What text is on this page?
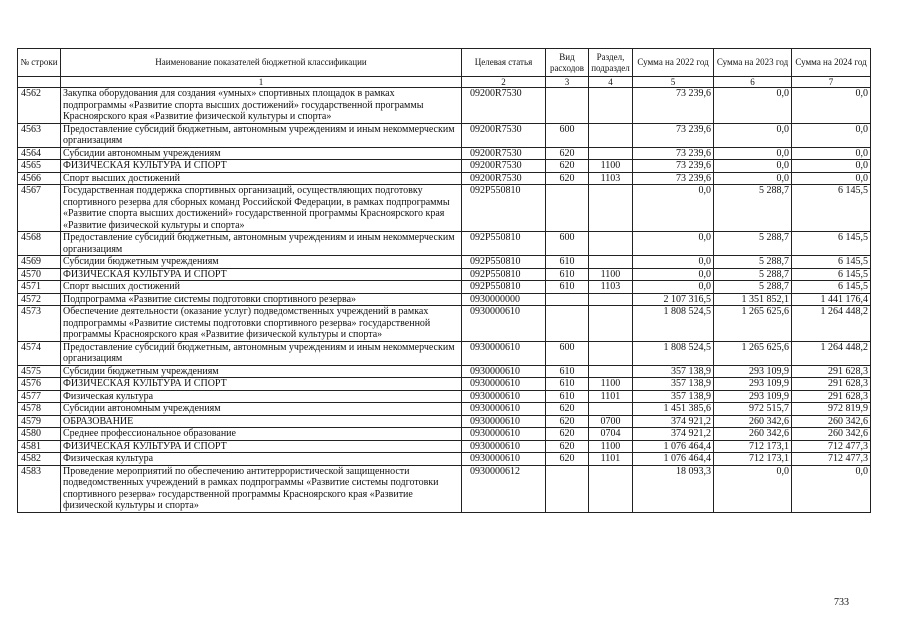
№ строки	Наименование показателей бюджетной классификации	Целевая статья	Вид расходов	Раздел, подраздел	Сумма на 2022 год	Сумма на 2023 год	Сумма на 2024 год
	1	2	3	4	5	6	7
4562	Закупка оборудования для создания «умных» спортивных площадок в рамках подпрограммы «Развитие спорта высших достижений» государственной программы Красноярского края «Развитие физической культуры и спорта»	09200R7530			73 239,6	0,0	0,0
4563	Предоставление субсидий бюджетным, автономным учреждениям и иным некоммерческим организациям	09200R7530	600		73 239,6	0,0	0,0
4564	Субсидии автономным учреждениям	09200R7530	620		73 239,6	0,0	0,0
4565	ФИЗИЧЕСКАЯ КУЛЬТУРА И СПОРТ	09200R7530	620	1100	73 239,6	0,0	0,0
4566	Спорт высших достижений	09200R7530	620	1103	73 239,6	0,0	0,0
4567	Государственная поддержка спортивных организаций, осуществляющих подготовку спортивного резерва для сборных команд Российской Федерации, в рамках подпрограммы «Развитие спорта высших достижений» государственной программы Красноярского края «Развитие физической культуры и спорта»	092P550810			0,0	5 288,7	6 145,5
4568	Предоставление субсидий бюджетным, автономным учреждениям и иным некоммерческим организациям	092P550810	600		0,0	5 288,7	6 145,5
4569	Субсидии бюджетным учреждениям	092P550810	610		0,0	5 288,7	6 145,5
4570	ФИЗИЧЕСКАЯ КУЛЬТУРА И СПОРТ	092P550810	610	1100	0,0	5 288,7	6 145,5
4571	Спорт высших достижений	092P550810	610	1103	0,0	5 288,7	6 145,5
4572	Подпрограмма «Развитие системы подготовки спортивного резерва»	0930000000			2 107 316,5	1 351 852,1	1 441 176,4
4573	Обеспечение деятельности (оказание услуг) подведомственных учреждений в рамках подпрограммы «Развитие системы подготовки спортивного резерва» государственной программы Красноярского края «Развитие физической культуры и спорта»	0930000610			1 808 524,5	1 265 625,6	1 264 448,2
4574	Предоставление субсидий бюджетным, автономным учреждениям и иным некоммерческим организациям	0930000610	600		1 808 524,5	1 265 625,6	1 264 448,2
4575	Субсидии бюджетным учреждениям	0930000610	610		357 138,9	293 109,9	291 628,3
4576	ФИЗИЧЕСКАЯ КУЛЬТУРА И СПОРТ	0930000610	610	1100	357 138,9	293 109,9	291 628,3
4577	Физическая культура	0930000610	610	1101	357 138,9	293 109,9	291 628,3
4578	Субсидии автономным учреждениям	0930000610	620		1 451 385,6	972 515,7	972 819,9
4579	ОБРАЗОВАНИЕ	0930000610	620	0700	374 921,2	260 342,6	260 342,6
4580	Среднее профессиональное образование	0930000610	620	0704	374 921,2	260 342,6	260 342,6
4581	ФИЗИЧЕСКАЯ КУЛЬТУРА И СПОРТ	0930000610	620	1100	1 076 464,4	712 173,1	712 477,3
4582	Физическая культура	0930000610	620	1101	1 076 464,4	712 173,1	712 477,3
4583	Проведение мероприятий по обеспечению антитеррористической защищенности подведомственных учреждений в рамках подпрограммы «Развитие системы подготовки спортивного резерва» государственной программы Красноярского края «Развитие физической культуры и спорта»	0930000612			18 093,3	0,0	0,0
733
